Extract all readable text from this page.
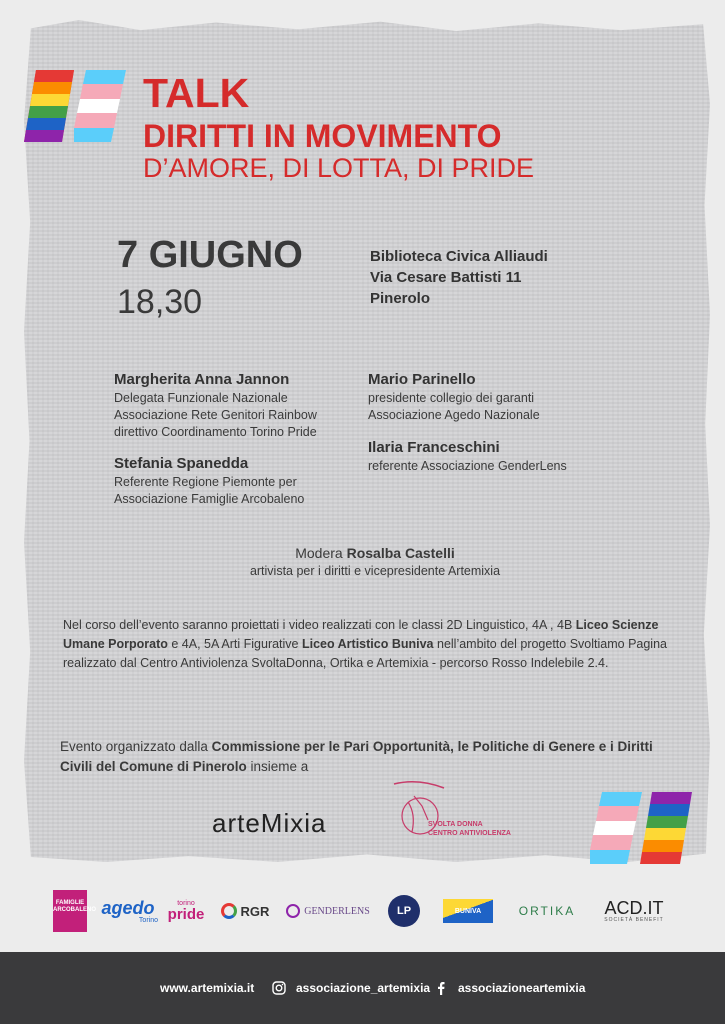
TALK
DIRITTI IN MOVIMENTO
D’AMORE, DI LOTTA, DI PRIDE
7 GIUGNO
18,30
Biblioteca Civica Alliaudi
Via Cesare Battisti 11
Pinerolo
Margherita Anna Jannon
Delegata Funzionale Nazionale
Associazione Rete Genitori Rainbow
direttivo Coordinamento Torino Pride
Stefania Spanedda
Referente Regione Piemonte per
Associazione Famiglie Arcobaleno
Mario Parinello
presidente collegio dei garanti
Associazione Agedo Nazionale
Ilaria Franceschini
referente Associazione GenderLens
Modera Rosalba Castelli
artivista per i diritti e vicepresidente Artemixia
Nel corso dell’evento saranno proiettati i video realizzati con le classi 2D Linguistico, 4A , 4B Liceo Scienze Umane Porporato e 4A, 5A Arti Figurative Liceo Artistico Buniva nell’ambito del progetto Svoltiamo Pagina realizzato dal Centro Antiviolenza SvoltaDonna, Ortika e Artemixia - percorso Rosso Indelebile 2.4.
Evento organizzato dalla Commissione per le Pari Opportunità, le Politiche di Genere e i Diritti Civili del Comune di Pinerolo insieme a
arteMixia	SVOLTA DONNA
CENTRO ANTIVIOLENZA
FAMIGLIE ARCOBALENO agedo
Torino
torino
pride	RGR	GENDERLENS	LP	BUNIVA	ORTIKA ACD.IT
SOCIETÀ BENEFIT
www.artemixia.it	associazione_artemixia associazioneartemixia
